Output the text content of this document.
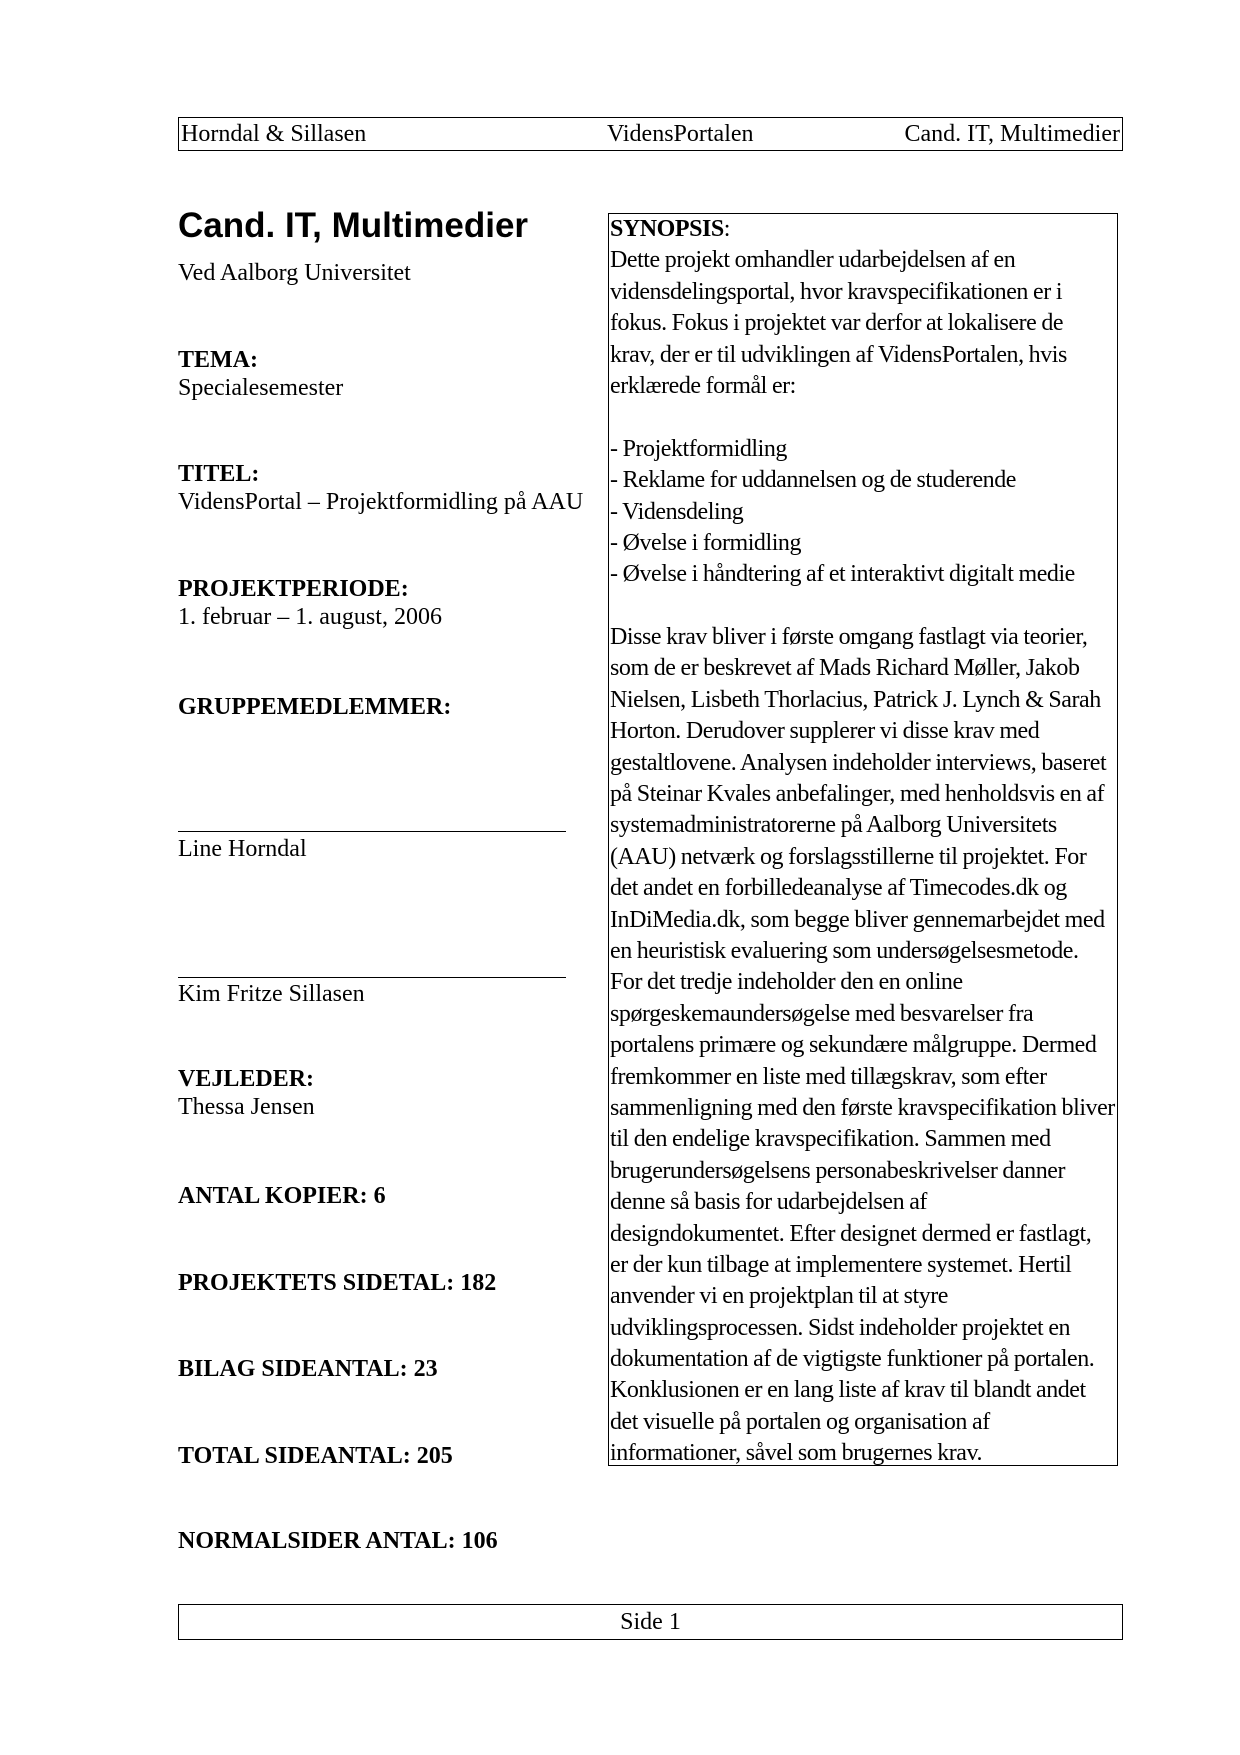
Horndal & Sillasen	VidensPortalen	Cand. IT, Multimedier
Cand. IT, Multimedier
Ved Aalborg Universitet
TEMA:
Specialesemester
TITEL:
VidensPortal – Projektformidling på AAU
PROJEKTPERIODE:
1. februar – 1. august, 2006
GRUPPEMEDLEMMER:
Line Horndal
Kim Fritze Sillasen
VEJLEDER:
Thessa Jensen
ANTAL KOPIER: 6
PROJEKTETS SIDETAL: 182
BILAG SIDEANTAL: 23
TOTAL SIDEANTAL: 205
NORMALSIDER ANTAL: 106
SYNOPSIS:
Dette projekt omhandler udarbejdelsen af en
vidensdelingsportal, hvor kravspecifikationen er i
fokus. Fokus i projektet var derfor at lokalisere de
krav, der er til udviklingen af VidensPortalen, hvis
erklærede formål er:
- Projektformidling
- Reklame for uddannelsen og de studerende
- Vidensdeling
- Øvelse i formidling
- Øvelse i håndtering af et interaktivt digitalt medie
Disse krav bliver i første omgang fastlagt via teorier,
som de er beskrevet af Mads Richard Møller, Jakob
Nielsen, Lisbeth Thorlacius, Patrick J. Lynch & Sarah
Horton. Derudover supplerer vi disse krav med
gestaltlovene. Analysen indeholder interviews, baseret
på Steinar Kvales anbefalinger, med henholdsvis en af
systemadministratorerne på Aalborg Universitets
(AAU) netværk og forslagsstillerne til projektet. For
det andet en forbilledeanalyse af Timecodes.dk og
InDiMedia.dk, som begge bliver gennemarbejdet med
en heuristisk evaluering som undersøgelsesmetode.
For det tredje indeholder den en online
spørgeskemaundersøgelse med besvarelser fra
portalens primære og sekundære målgruppe. Dermed
fremkommer en liste med tillægskrav, som efter
sammenligning med den første kravspecifikation bliver
til den endelige kravspecifikation. Sammen med
brugerundersøgelsens personabeskrivelser danner
denne så basis for udarbejdelsen af
designdokumentet. Efter designet dermed er fastlagt,
er der kun tilbage at implementere systemet. Hertil
anvender vi en projektplan til at styre
udviklingsprocessen. Sidst indeholder projektet en
dokumentation af de vigtigste funktioner på portalen.
Konklusionen er en lang liste af krav til blandt andet
det visuelle på portalen og organisation af
informationer, såvel som brugernes krav.
Side 1
